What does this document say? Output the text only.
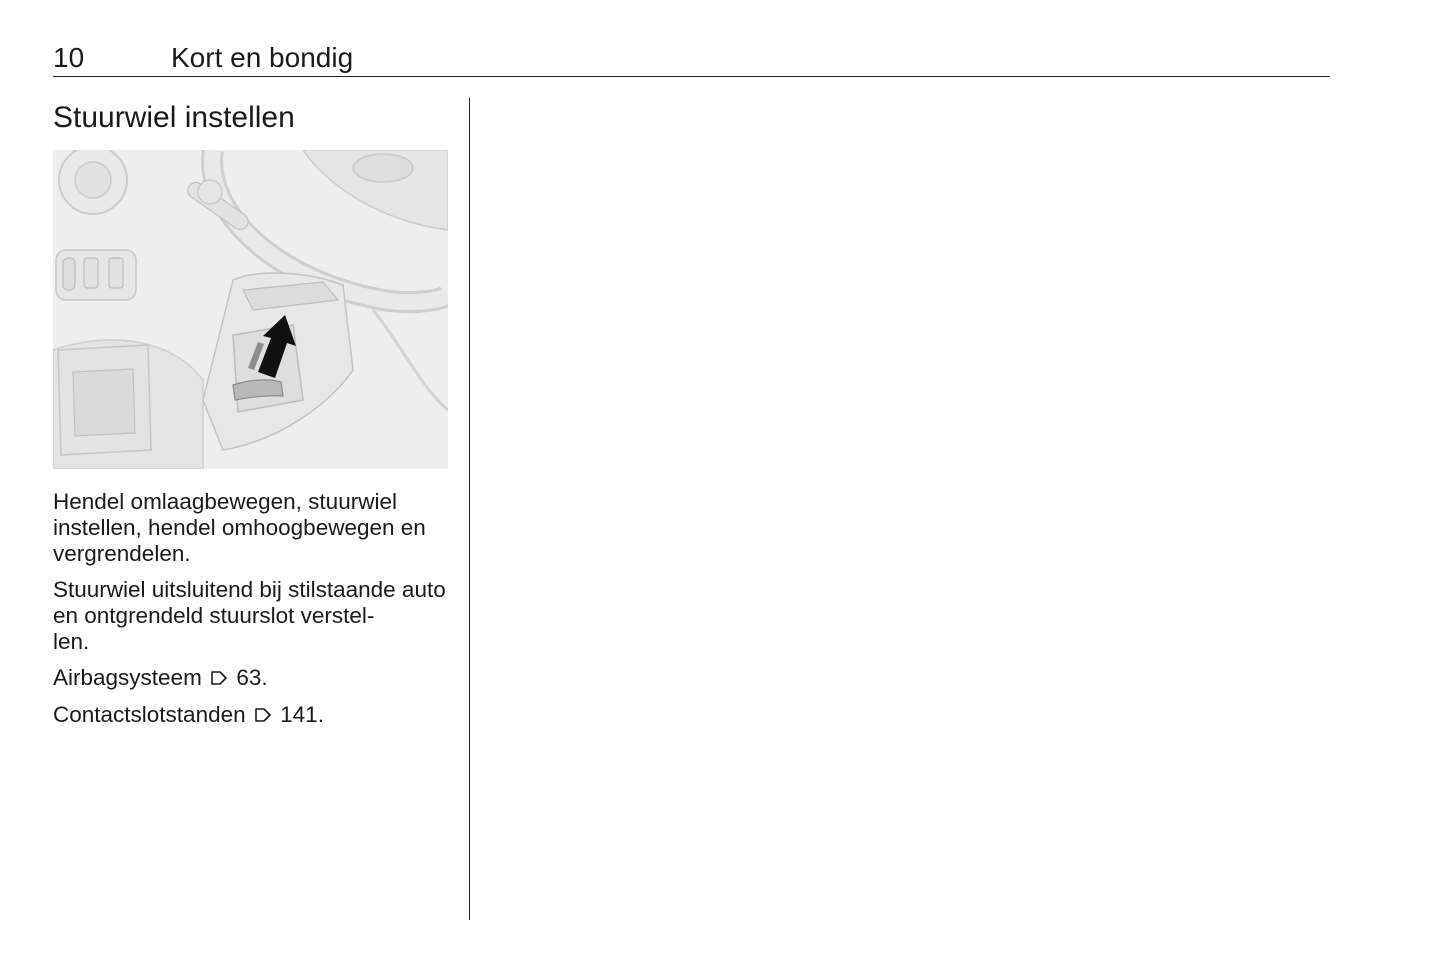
10	Kort en bondig
Stuurwiel instellen

Hendel omlaagbewegen, stuurwiel instellen, hendel omhoogbewegen en vergrendelen.

Stuurwiel uitsluitend bij stilstaande auto en ontgrendeld stuurslot verstel-
len.

Airbagsysteem 63.

Contactslotstanden 141.
